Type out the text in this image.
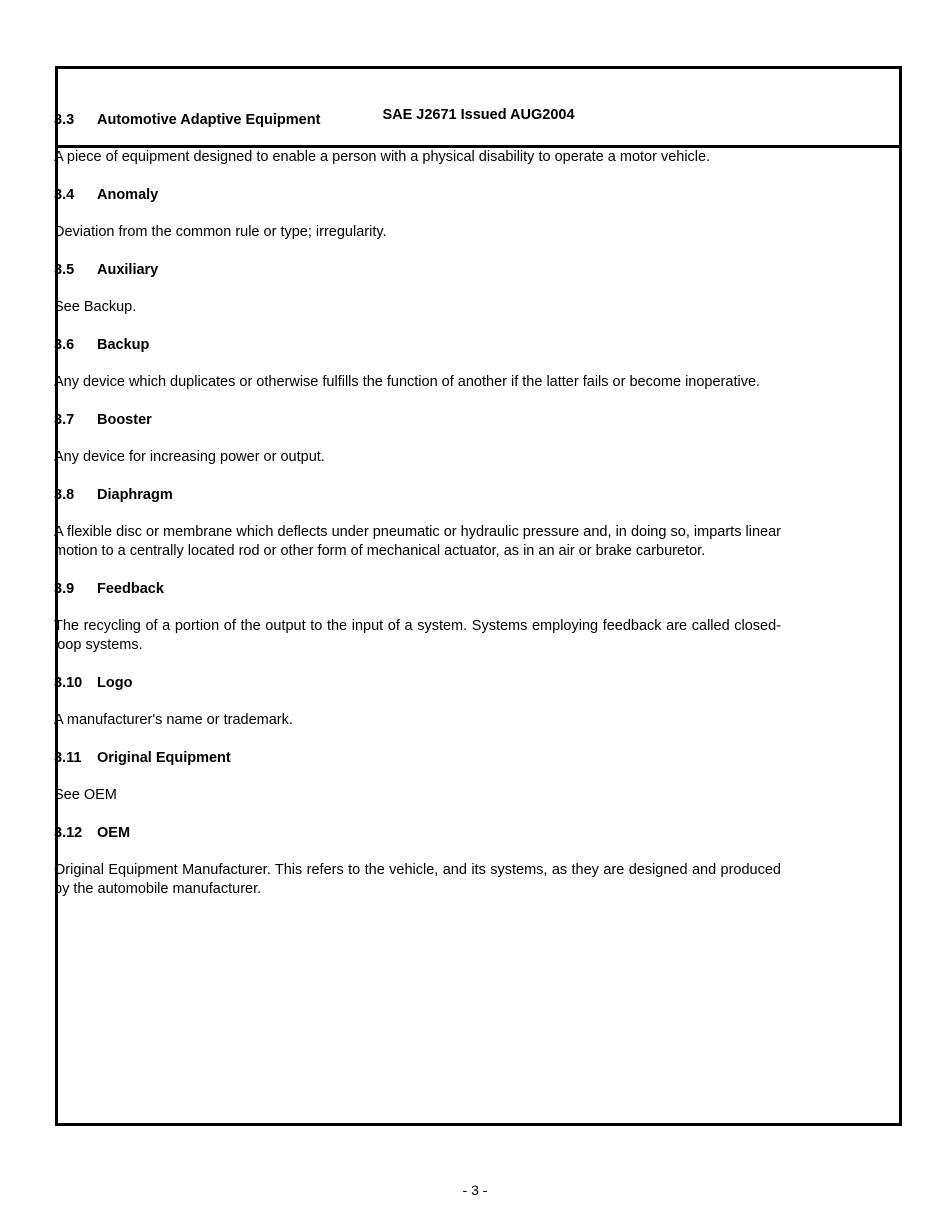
SAE J2671 Issued AUG2004
3.3	Automotive Adaptive Equipment

A piece of equipment designed to enable a person with a physical disability to operate a motor vehicle.

3.4	Anomaly

Deviation from the common rule or type; irregularity.

3.5	Auxiliary

See Backup.

3.6	Backup

Any device which duplicates or otherwise fulfills the function of another if the latter fails or become inoperative.

3.7	Booster

Any device for increasing power or output.

3.8	Diaphragm

A flexible disc or membrane which deflects under pneumatic or hydraulic pressure and, in doing so, imparts linear motion to a centrally located rod or other form of mechanical actuator, as in an air or brake carburetor.

3.9	Feedback

The recycling of a portion of the output to the input of a system. Systems employing feedback are called closed-loop systems.

3.10	Logo

A manufacturer's name or trademark.

3.11	Original Equipment

See OEM

3.12	OEM

Original Equipment Manufacturer. This refers to the vehicle, and its systems, as they are designed and produced by the automobile manufacturer.

- 3 -
